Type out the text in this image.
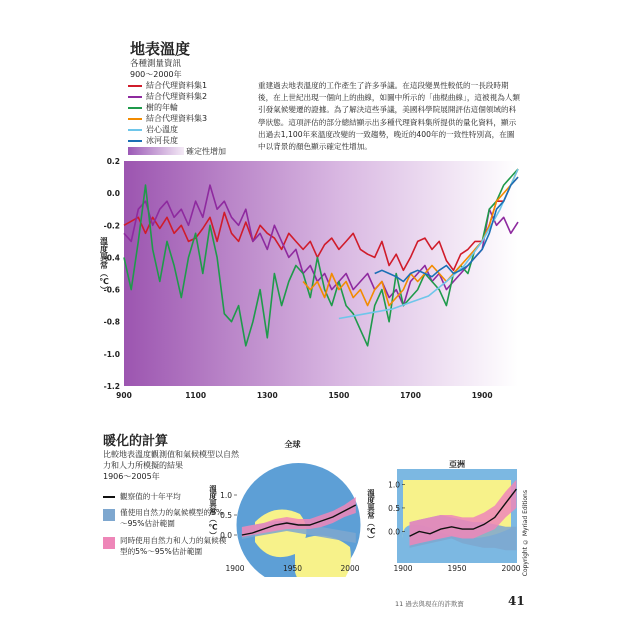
地表溫度
各種測量資訊
900～2000年
結合代理資料集1
結合代理資料集2
樹的年輪
結合代理資料集3
岩心溫度
冰河長度
確定性增加
重建過去地表溫度的工作產生了許多爭議。在這段變異性較低的一長段時期後，在上世紀出現一個向上的曲線，如圖中所示的「曲棍曲線」，這被視為人類引發氣候變遷的證據。為了解決這些爭議，美國科學院展開評估這個領域的科學狀態。這項評估的部分總結顯示出多種代理資料集所提供的量化資料，顯示出過去1,100年來溫度改變的一致趨勢，晚近的400年的一致性特別高，在圖中以背景的顏色顯示確定性增加。
0.2
0.0
-0.2
-0.4
-0.6
-0.8
-1.0
-1.2
900	1100	1300	1500	1700	1900
溫度異常（℃）
暖化的計算
比較地表溫度觀測值和氣候模型以自然力和人力所模擬的結果
1906～2005年
觀察值的十年平均
僅使用自然力的氣候模型的5%～95%估計範圍
同時使用自然力和人力的氣候模型的5%～95%估計範圍
0.0
0.5
1.0
1900	1950	2000
全球
溫度異常（℃）	0.0
0.5
1.0
1900	1950	2000
亞洲
溫度異常（℃）	Copyright © Myriad Editions
11 過去與現在的詐欺寶	41
